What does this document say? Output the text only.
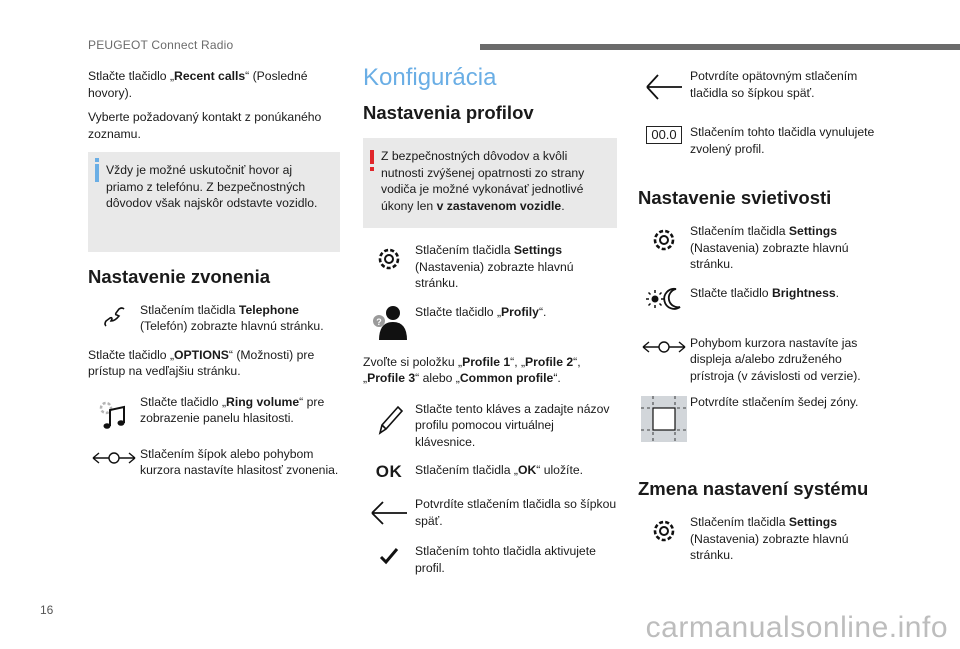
PEUGEOT Connect Radio

Stlačte tlačidlo „Recent calls“ (Posledné hovory).

Vyberte požadovaný kontakt z ponúkaného zoznamu.

Vždy je možné uskutočniť hovor aj priamo z telefónu. Z bezpečnostných dôvodov však najskôr odstavte vozidlo.
Nastavenie zvonenia
Stlačením tlačidla Telephone (Telefón) zobrazte hlavnú stránku.

Stlačte tlačidlo „OPTIONS“ (Možnosti) pre prístup na vedľajšiu stránku.

Stlačte tlačidlo „Ring volume“ pre zobrazenie panelu hlasitosti.
Stlačením šípok alebo pohybom kurzora nastavíte hlasitosť zvonenia.
Konfigurácia
Nastavenia profilov
Z bezpečnostných dôvodov a kvôli nutnosti zvýšenej opatrnosti zo strany vodiča je možné vykonávať jednotlivé úkony len v zastavenom vozidle.
Stlačením tlačidla Settings (Nastavenia) zobrazte hlavnú stránku.
?
Stlačte tlačidlo „Profily“.

Zvoľte si položku „Profile 1“, „Profile 2“, „Profile 3“ alebo „Common profile“.

Stlačte tento kláves a zadajte názov profilu pomocou virtuálnej klávesnice.
OK Stlačením tlačidla „OK“ uložíte.
Potvrdíte stlačením tlačidla so šípkou späť.
Stlačením tohto tlačidla aktivujete profil.
Potvrdíte opätovným stlačením tlačidla so šípkou späť.
00.0	Stlačením tohto tlačidla vynulujete zvolený profil.
Nastavenie svietivosti
Stlačením tlačidla Settings (Nastavenia) zobrazte hlavnú stránku.
Stlačte tlačidlo Brightness.
Pohybom kurzora nastavíte jas displeja a/alebo združeného prístroja (v závislosti od verzie).
Potvrdíte stlačením šedej zóny.
Zmena nastavení systému
Stlačením tlačidla Settings (Nastavenia) zobrazte hlavnú stránku.
16
carmanualsonline.info
